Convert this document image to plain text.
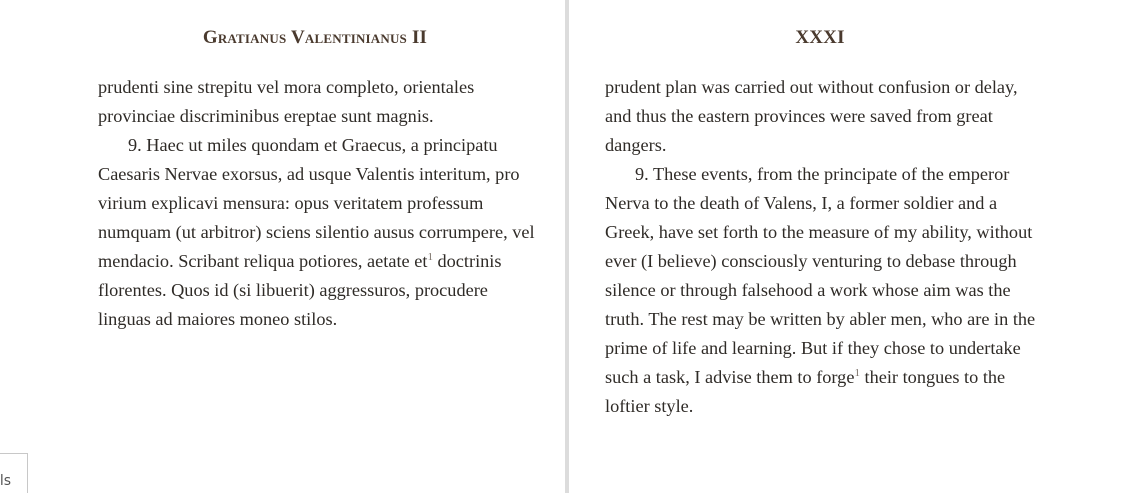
Gratianus Valentinianus II

prudenti sine strepitu vel mora completo, orientales provinciae discriminibus ereptae sunt magnis.

9. Haec ut miles quondam et Graecus, a principatu Caesaris Nervae exorsus, ad usque Valentis interitum, pro virium explicavi mensura: opus veritatem professum numquam (ut arbitror) sciens silentio ausus corrumpere, vel mendacio. Scribant reliqua potiores, aetate et$^1$ doctrinis florentes. Quos id (si libuerit) aggressuros, procudere linguas ad maiores moneo stilos.

ls
XXXI

prudent plan was carried out without confusion or delay, and thus the eastern provinces were saved from great dangers.

9. These events, from the principate of the emperor Nerva to the death of Valens, I, a former soldier and a Greek, have set forth to the measure of my ability, without ever (I believe) consciously venturing to debase through silence or through falsehood a work whose aim was the truth. The rest may be written by abler men, who are in the prime of life and learning. But if they chose to undertake such a task, I advise them to forge$^1$ their tongues to the loftier style.
